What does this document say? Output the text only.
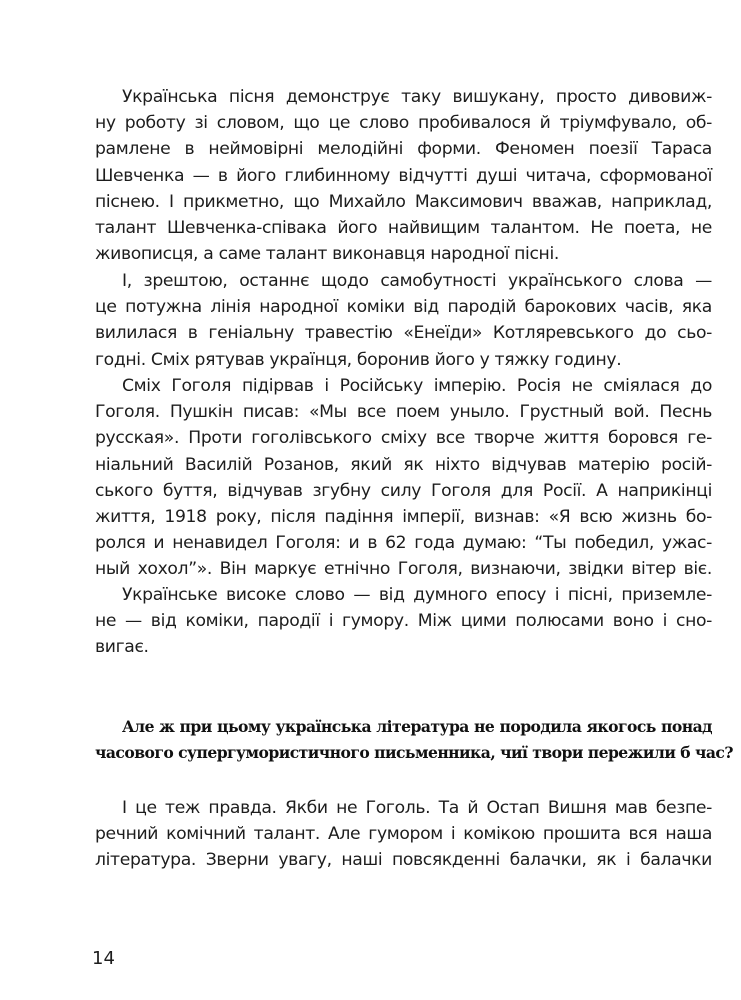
Українська пісня демонструє таку вишукану, просто дивовиж-
ну роботу зі словом, що це слово пробивалося й тріумфувало, об-
рамлене в неймовірні мелодійні форми. Феномен поезії Тараса
Шевченка — в його глибинному відчутті душі читача, сформованої
піснею. І прикметно, що Михайло Максимович вважав, наприклад,
талант Шевченка-співака його найвищим талантом. Не поета, не
живописця, а саме талант виконавця народної пісні.
І, зрештою, останнє щодо самобутності українського слова —
це потужна лінія народної коміки від пародій барокових часів, яка
вилилася в геніальну травестію «Енеїди» Котляревського до сьо-
годні. Сміх рятував українця, боронив його у тяжку годину.
Сміх Гоголя підірвав і Російську імперію. Росія не сміялася до
Гоголя. Пушкін писав: «Мы все поем уныло. Грустный вой. Песнь
русская». Проти гоголівського сміху все творче життя боровся ге-
ніальний Василій Розанов, який як ніхто відчував матерію росій-
ського буття, відчував згубну силу Гоголя для Росії. А наприкінці
життя, 1918 року, після падіння імперії, визнав: «Я всю жизнь бо-
ролся и ненавидел Гоголя: и в 62 года думаю: “Ты победил, ужас-
ный хохол”». Він маркує етнічно Гоголя, визнаючи, звідки вітер віє.
Українське високе слово — від думного епосу і пісні, приземле-
не — від коміки, пародії і гумору. Між цими полюсами воно і сно-
вигає.
Але ж при цьому українська література не породила якогось понад
часового супергумористичного письменника, чиї твори пережили б час?
І це теж правда. Якби не Гоголь. Та й Остап Вишня мав безпе-
речний комічний талант. Але гумором і комікою прошита вся наша
література. Зверни увагу, наші повсякденні балачки, як і балачки
14
